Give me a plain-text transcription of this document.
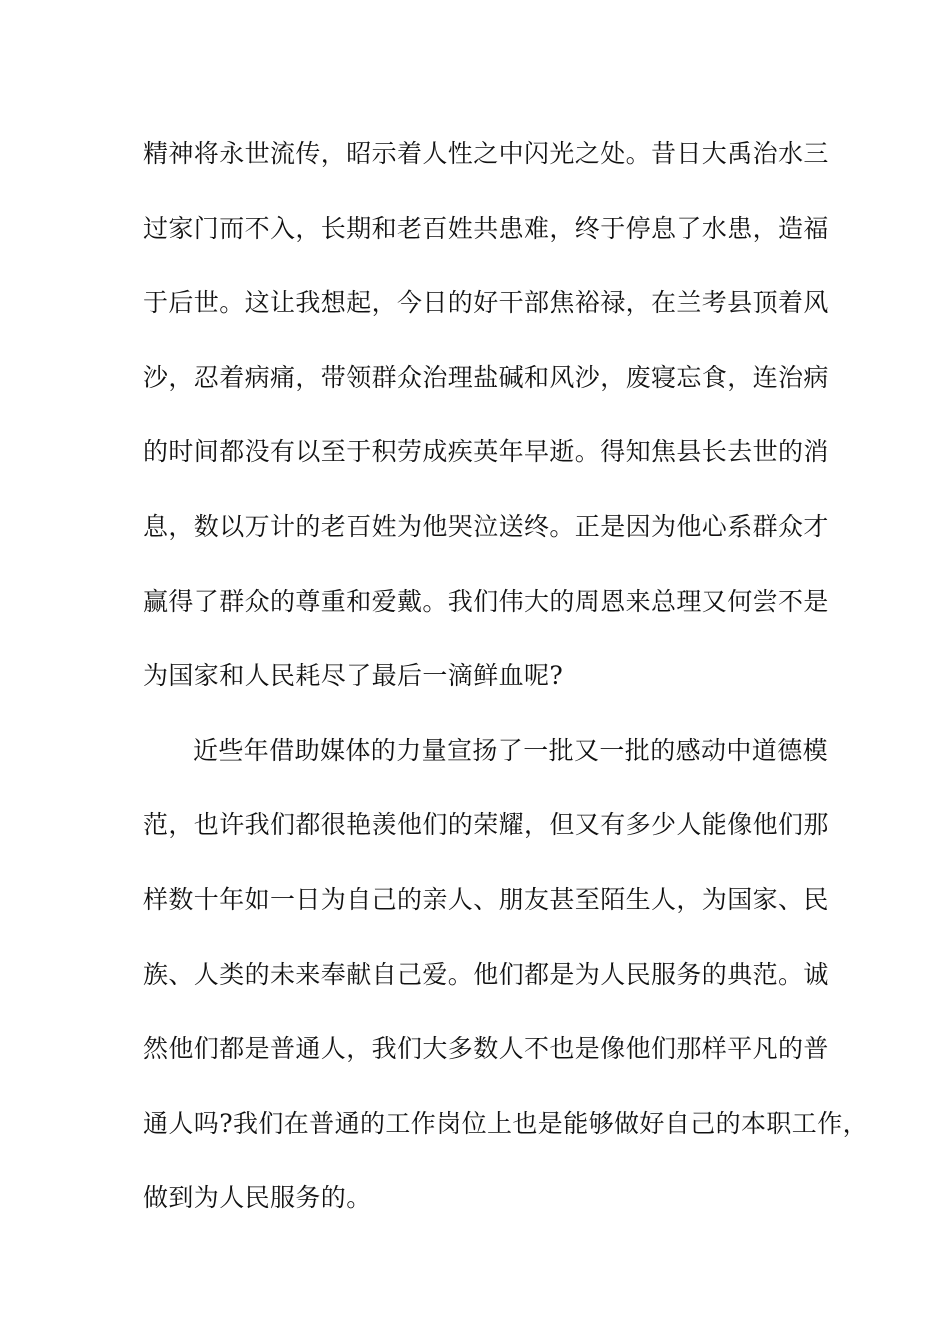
精神将永世流传，昭示着人性之中闪光之处。昔日大禹治水三
过家门而不入，长期和老百姓共患难，终于停息了水患，造福
于后世。这让我想起，今日的好干部焦裕禄，在兰考县顶着风
沙，忍着病痛，带领群众治理盐碱和风沙，废寝忘食，连治病
的时间都没有以至于积劳成疾英年早逝。得知焦县长去世的消
息，数以万计的老百姓为他哭泣送终。正是因为他心系群众才
赢得了群众的尊重和爱戴。我们伟大的周恩来总理又何尝不是
为国家和人民耗尽了最后一滴鲜血呢?
近些年借助媒体的力量宣扬了一批又一批的感动中道德模
范，也许我们都很艳羡他们的荣耀，但又有多少人能像他们那
样数十年如一日为自己的亲人、朋友甚至陌生人，为国家、民
族、人类的未来奉献自己爱。他们都是为人民服务的典范。诚
然他们都是普通人，我们大多数人不也是像他们那样平凡的普
通人吗?我们在普通的工作岗位上也是能够做好自己的本职工作，
做到为人民服务的。
